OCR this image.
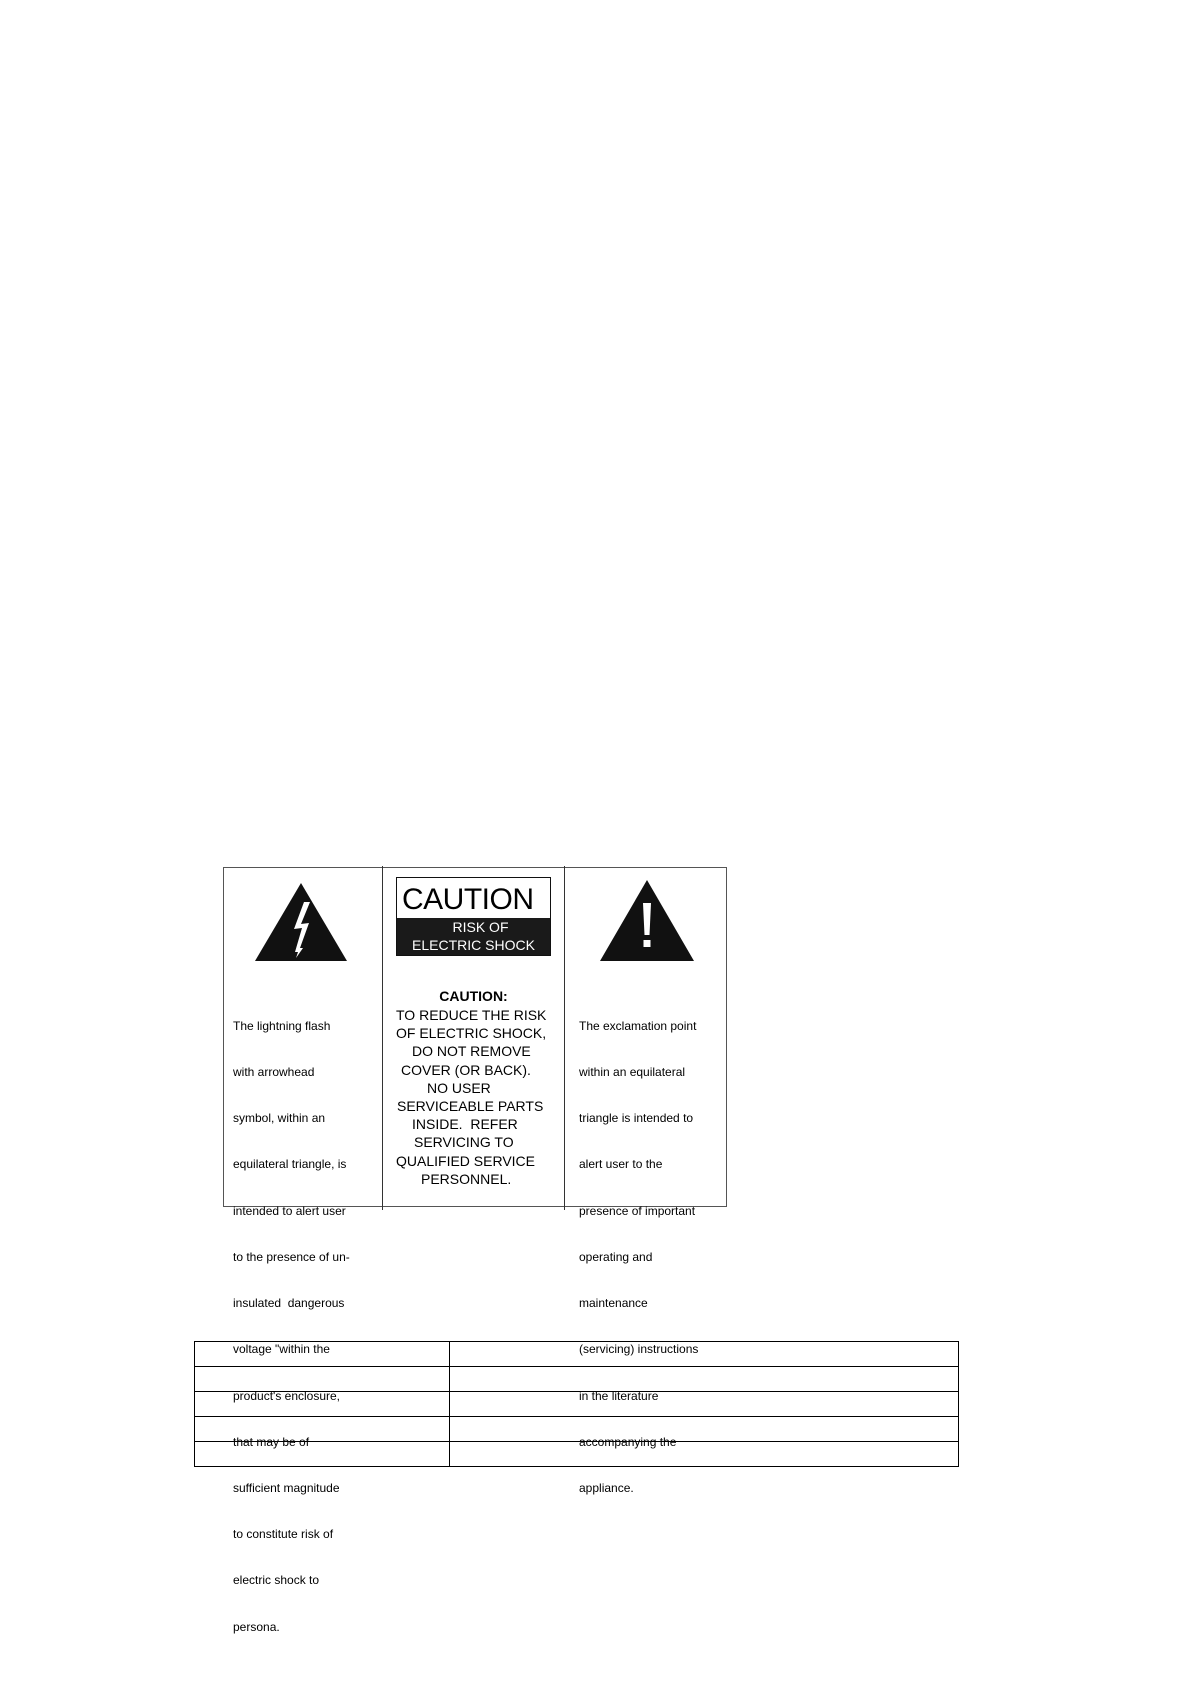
The lightning flash

with arrowhead

symbol, within an

equilateral triangle, is

intended to alert user

to the presence of un-

insulated  dangerous

voltage "within the

product's enclosure,

that may be of

sufficient magnitude

to constitute risk of

electric shock to

persona.

CAUTION
RISK OF
ELECTRIC SHOCK
CAUTION:
TO REDUCE THE RISK
OF ELECTRIC SHOCK,
DO NOT REMOVE
COVER (OR BACK).
NO USER
SERVICEABLE PARTS
INSIDE.  REFER
SERVICING TO
QUALIFIED SERVICE
PERSONNEL.

The exclamation point

within an equilateral

triangle is intended to

alert user to the

presence of important

operating and

maintenance

(servicing) instructions

in the literature

accompanying the

appliance.
